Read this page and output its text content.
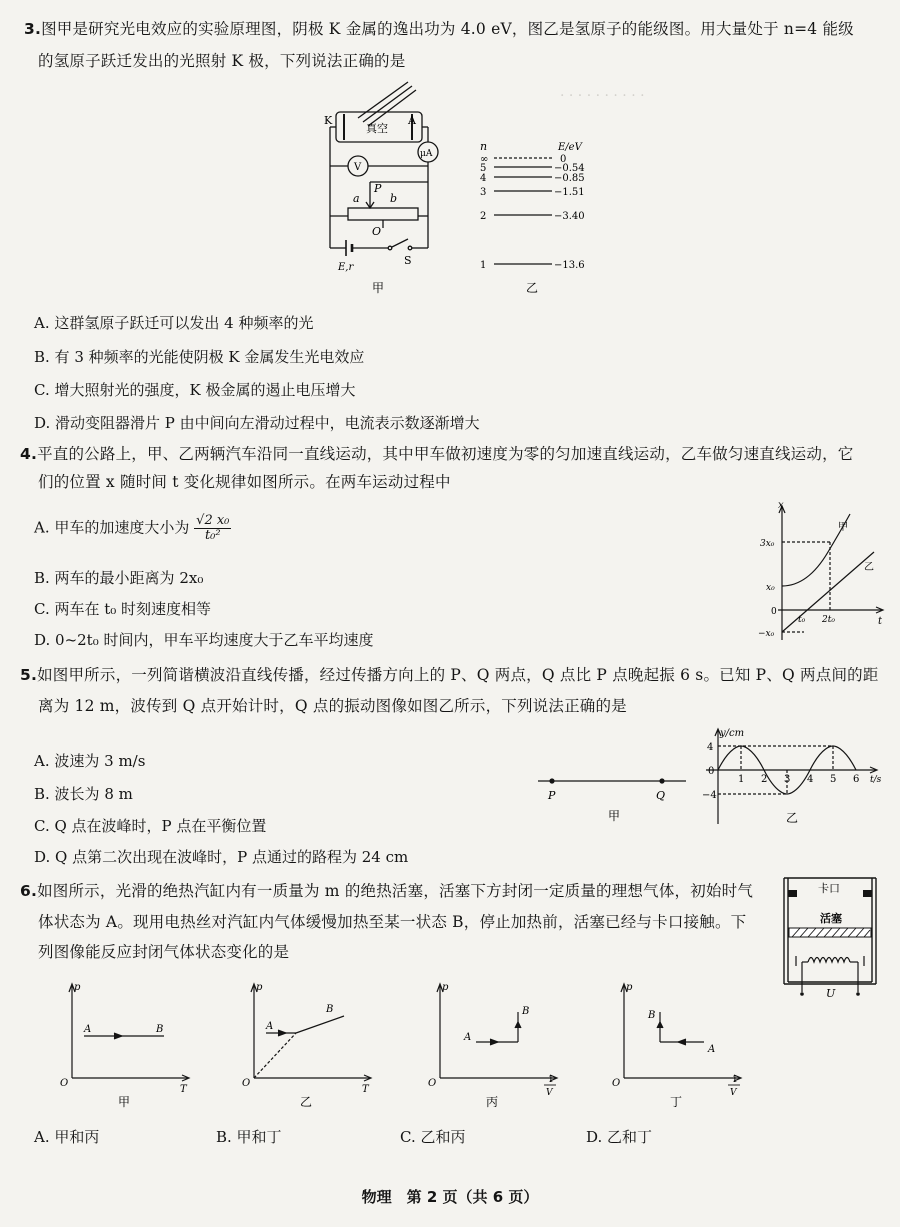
· · · · · · · · · ·
3.图甲是研究光电效应的实验原理图，阴极 K 金属的逸出功为 4.0 eV，图乙是氢原子的能级图。用大量处于 n=4 能级
的氢原子跃迁发出的光照射 K 极，下列说法正确的是
K	A
真空
V
μA
a
P
b
O
E,r
S
甲
n	E/eV
∞	0
5	−0.54
4	−0.85
3	−1.51
2	−3.40
1	−13.6
乙
A. 这群氢原子跃迁可以发出 4 种频率的光
B. 有 3 种频率的光能使阴极 K 金属发生光电效应
C. 增大照射光的强度，K 极金属的遏止电压增大
D. 滑动变阻器滑片 P 由中间向左滑动过程中，电流表示数逐渐增大
4.平直的公路上，甲、乙两辆汽车沿同一直线运动，其中甲车做初速度为零的匀加速直线运动，乙车做匀速直线运动，它
们的位置 x 随时间 t 变化规律如图所示。在两车运动过程中
A. 甲车的加速度大小为 $\frac{\text{√2 x₀}}{\text{t₀²}}$
B. 两车的最小距离为 2x₀
C. 两车在 t₀ 时刻速度相等
D. 0~2t₀ 时间内，甲车平均速度大于乙车平均速度
x
t
甲
乙
3x₀
x₀
0
−x₀
t₀ 2t₀
5.如图甲所示，一列简谐横波沿直线传播，经过传播方向上的 P、Q 两点，Q 点比 P 点晚起振 6 s。已知 P、Q 两点间的距
离为 12 m，波传到 Q 点开始计时，Q 点的振动图像如图乙所示，下列说法正确的是
A. 波速为 3 m/s
B. 波长为 8 m
C. Q 点在波峰时，P 点在平衡位置
D. Q 点第二次出现在波峰时，P 点通过的路程为 24 cm
P	Q
甲
y/cm
t/s
4
0
−4
1 2 3 4 5 6
乙
6.如图所示，光滑的绝热汽缸内有一质量为 m 的绝热活塞，活塞下方封闭一定质量的理想气体，初始时气
体状态为 A。现用电热丝对汽缸内气体缓慢加热至某一状态 B，停止加热前，活塞已经与卡口接触。下
列图像能反应封闭气体状态变化的是
卡口
活塞
U
p
T
O
A	B
甲
p
T
O
A
B
乙
p
1
V
O
A
B
丙
p
1
V
O
A
B
丁
A. 甲和丙	B. 甲和丁	C. 乙和丙	D. 乙和丁
物理　第 2 页（共 6 页）
